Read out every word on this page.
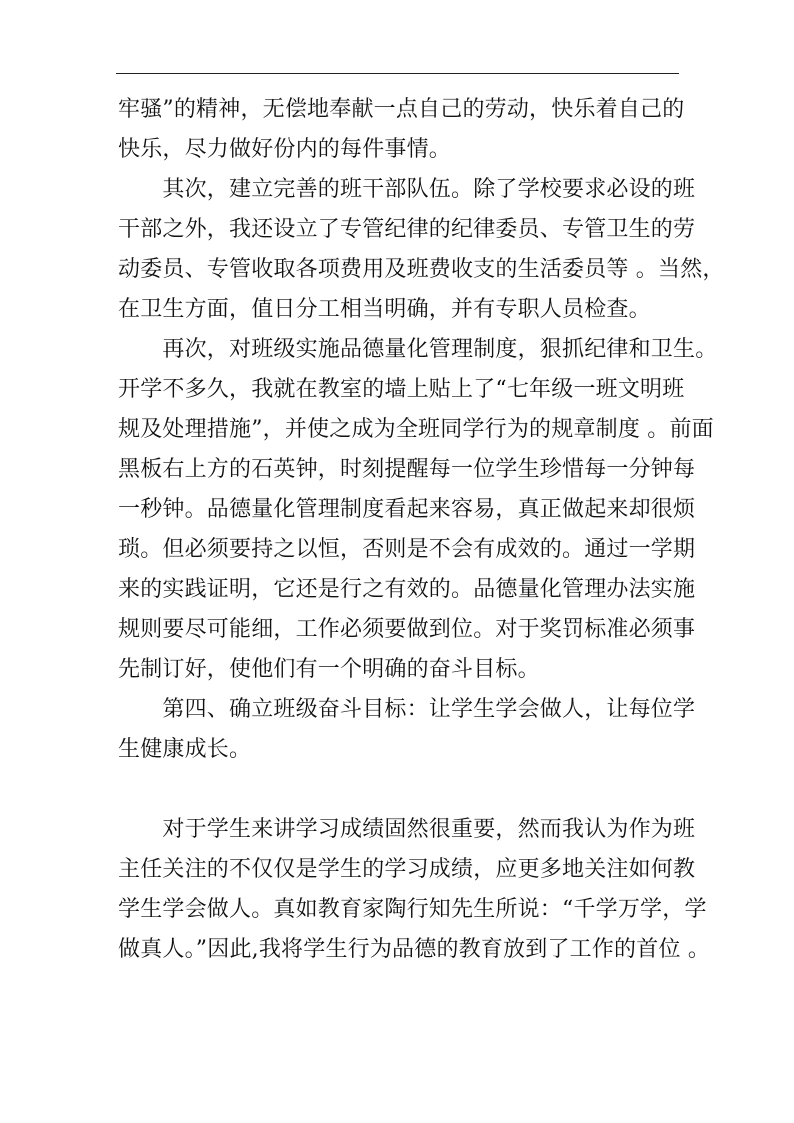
牢骚”的精神，无偿地奉献一点自己的劳动，快乐着自己的
快乐，尽力做好份内的每件事情。
　　其次，建立完善的班干部队伍。除了学校要求必设的班
干部之外，我还设立了专管纪律的纪律委员、专管卫生的劳
动委员、专管收取各项费用及班费收支的生活委员等 。当然，
在卫生方面，值日分工相当明确，并有专职人员检查。
　　再次，对班级实施品德量化管理制度，狠抓纪律和卫生。
开学不多久，我就在教室的墙上贴上了“七年级一班文明班
规及处理措施”，并使之成为全班同学行为的规章制度 。前面
黑板右上方的石英钟，时刻提醒每一位学生珍惜每一分钟每
一秒钟。品德量化管理制度看起来容易，真正做起来却很烦
琐。但必须要持之以恒，否则是不会有成效的。通过一学期
来的实践证明，它还是行之有效的。品德量化管理办法实施
规则要尽可能细，工作必须要做到位。对于奖罚标准必须事
先制订好，使他们有一个明确的奋斗目标。
　　第四、确立班级奋斗目标：让学生学会做人，让每位学
生健康成长。
　　对于学生来讲学习成绩固然很重要，然而我认为作为班
主任关注的不仅仅是学生的学习成绩，应更多地关注如何教
学生学会做人。真如教育家陶行知先生所说：“千学万学，学
做真人。”因此,我将学生行为品德的教育放到了工作的首位 。
